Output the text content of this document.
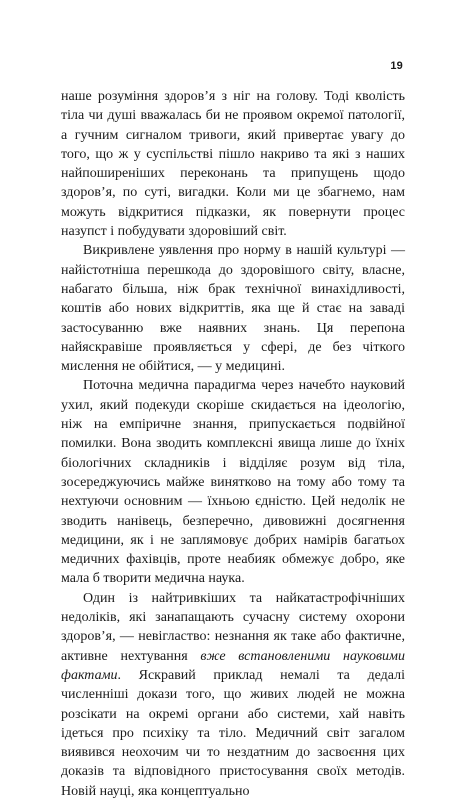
19

наше розуміння здоров’я з ніг на голову. Тоді кволість тіла чи душі вважалась би не проявом окремої патології, а гучним сигналом тривоги, який привертає увагу до того, що ж у суспільстві пішло накриво та які з наших найпоширеніших переконань та припущень щодо здоров’я, по суті, вигадки. Коли ми це збагнемо, нам можуть відкритися підказки, як повернути процес назупст і побудувати здоровіший світ.

Викривлене уявлення про норму в нашій культурі — найістотніша перешкода до здоровішого світу, власне, набагато більша, ніж брак технічної винахідливості, коштів або нових відкриттів, яка ще й стає на заваді застосуванню вже наявних знань. Ця перепона найяскравіше проявляється у сфері, де без чіткого мислення не обійтися, — у медицині.

Поточна медична парадигма через начебто науковий ухил, який подекуди скоріше скидається на ідеологію, ніж на емпіричне знання, припускається подвійної помилки. Вона зводить комплексні явища лише до їхніх біологічних складників і відділяє розум від тіла, зосереджуючись майже винятково на тому або тому та нехтуючи основним — їхньою єдністю. Цей недолік не зводить нанівець, безперечно, дивовижні досягнення медицини, як і не заплямовує добрих намірів багатьох медичних фахівців, проте неабияк обмежує добро, яке мала б творити медична наука.

Один із найтривкіших та найкатастрофічніших недоліків, які занапащають сучасну систему охорони здоров’я, — невігластво: незнання як таке або фактичне, активне нехтування вже встановленими науковими фактами. Яскравий приклад немалі та дедалі численніші докази того, що живих людей не можна розсікати на окремі органи або системи, хай навіть ідеться про психіку та тіло. Медичний світ загалом виявився неохочим чи то нездатним до засвоєння цих доказів та відповідного пристосування своїх методів. Новій науці, яка концептуально
